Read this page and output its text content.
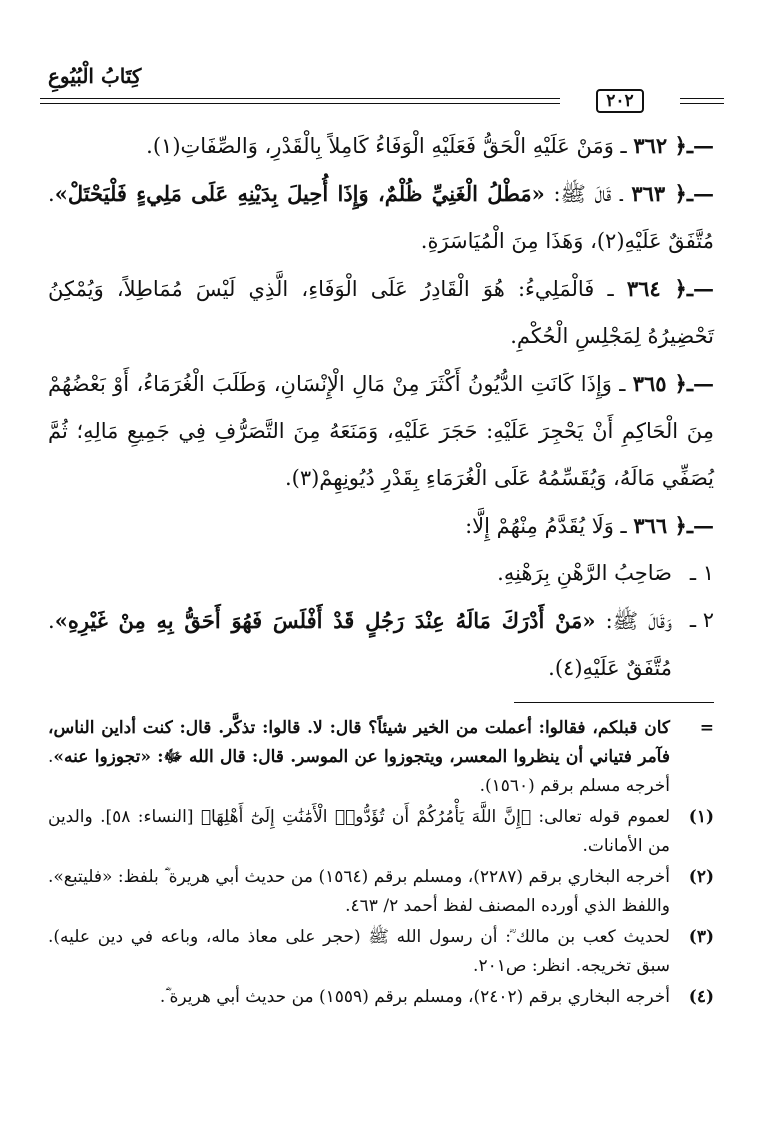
كِتَابُ الْبُيُوعِ
٢٠٢

—ـ﴿ ٣٦٢ ـ وَمَنْ عَلَيْهِ الْحَقُّ فَعَلَيْهِ الْوَفَاءُ كَامِلاً بِالْقَدْرِ، وَالصِّفَاتِ(١).

—ـ﴿ ٣٦٣ ـ قَالَ ﷺ: «مَطْلُ الْغَنِيِّ ظُلْمٌ، وَإِذَا أُحِيلَ بِدَيْنِهِ عَلَى مَلِيءٍ فَلْيَحْتَلْ». مُتَّفَقٌ عَلَيْهِ(٢)، وَهَذَا مِنَ الْمُيَاسَرَةِ.

—ـ﴿ ٣٦٤ ـ فَالْمَلِيءُ: هُوَ الْقَادِرُ عَلَى الْوَفَاءِ، الَّذِي لَيْسَ مُمَاطِلاً، وَيُمْكِنُ تَحْضِيرُهُ لِمَجْلِسِ الْحُكْمِ.

—ـ﴿ ٣٦٥ ـ وَإِذَا كَانَتِ الدُّيُونُ أَكْثَرَ مِنْ مَالِ الْإِنْسَانِ، وَطَلَبَ الْغُرَمَاءُ، أَوْ بَعْضُهُمْ مِنَ الْحَاكِمِ أَنْ يَحْجِرَ عَلَيْهِ: حَجَرَ عَلَيْهِ، وَمَنَعَهُ مِنَ التَّصَرُّفِ فِي جَمِيعِ مَالِهِ؛ ثُمَّ يُصَفِّي مَالَهُ، وَيُقَسِّمُهُ عَلَى الْغُرَمَاءِ بِقَدْرِ دُيُونِهِمْ(٣).

—ـ﴿ ٣٦٦ ـ وَلَا يُقَدَّمُ مِنْهُمْ إِلَّا:

١ ـ
صَاحِبُ الرَّهْنِ بِرَهْنِهِ.
٢ ـ
وَقَالَ ﷺ: «مَنْ أَدْرَكَ مَالَهُ عِنْدَ رَجُلٍ قَدْ أَفْلَسَ فَهُوَ أَحَقُّ بِهِ مِنْ غَيْرِهِ». مُتَّفَقٌ عَلَيْهِ(٤).
=
كان قبلكم، فقالوا: أعملت من الخير شيئاً؟ قال: لا. قالوا: تذكَّر. قال: كنت أداين الناس، فآمر فتياني أن ينظروا المعسر، ويتجوزوا عن الموسر. قال: قال الله ﷻ: «تجوزوا عنه». أخرجه مسلم برقم (١٥٦٠).
(١)
لعموم قوله تعالى: ﴿إِنَّ اللَّهَ يَأْمُرُكُمْ أَن تُؤَدُّوا۟ الْأَمَٰنَٰتِ إِلَىٰٓ أَهْلِهَا﴾ [النساء: ٥٨]. والدين من الأمانات.
(٢)
أخرجه البخاري برقم (٢٢٨٧)، ومسلم برقم (١٥٦٤) من حديث أبي هريرة ؓ بلفظ: «فليتبع». واللفظ الذي أورده المصنف لفظ أحمد ٢/ ٤٦٣.
(٣)
لحديث كعب بن مالك ؓ: أن رسول الله ﷺ (حجر على معاذ ماله، وباعه في دين عليه). سبق تخريجه. انظر: ص٢٠١.
(٤)
أخرجه البخاري برقم (٢٤٠٢)، ومسلم برقم (١٥٥٩) من حديث أبي هريرة ؓ.
